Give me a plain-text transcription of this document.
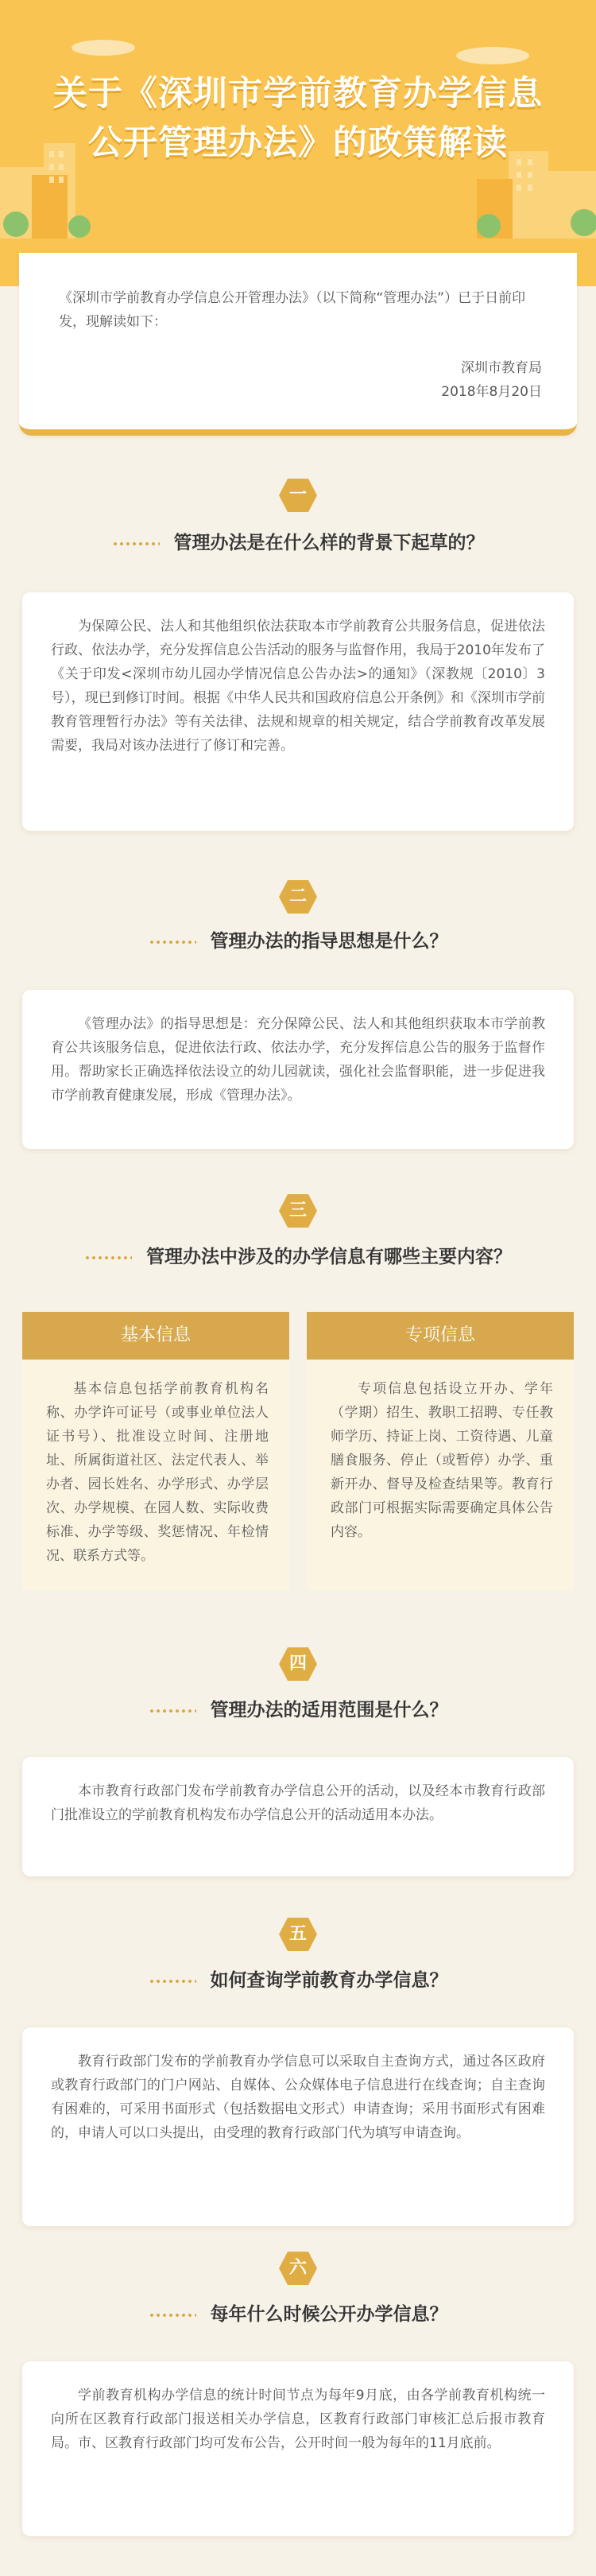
关于《深圳市学前教育办学信息
公开管理办法》的政策解读
《深圳市学前教育办学信息公开管理办法》（以下简称“管理办法”）已于日前印发，现解读如下：
深圳市教育局
2018年8月20日
一
管理办法是在什么样的背景下起草的？
为保障公民、法人和其他组织依法获取本市学前教育公共服务信息，促进依法行政、依法办学，充分发挥信息公告活动的服务与监督作用，我局于2010年发布了《关于印发<深圳市幼儿园办学情况信息公告办法>的通知》（深教规〔2010〕3号），现已到修订时间。根据《中华人民共和国政府信息公开条例》和《深圳市学前教育管理暂行办法》等有关法律、法规和规章的相关规定，结合学前教育改革发展需要，我局对该办法进行了修订和完善。
二
管理办法的指导思想是什么？
《管理办法》的指导思想是：充分保障公民、法人和其他组织获取本市学前教育公共该服务信息，促进依法行政、依法办学，充分发挥信息公告的服务于监督作用。帮助家长正确选择依法设立的幼儿园就读，强化社会监督职能，进一步促进我市学前教育健康发展，形成《管理办法》。
三
管理办法中涉及的办学信息有哪些主要内容？
基本信息
基本信息包括学前教育机构名称、办学许可证号（或事业单位法人证书号）、批准设立时间、注册地址、所属街道社区、法定代表人、举办者、园长姓名、办学形式、办学层次、办学规模、在园人数、实际收费标准、办学等级、奖惩情况、年检情况、联系方式等。
专项信息
专项信息包括设立开办、学年（学期）招生、教职工招聘、专任教师学历、持证上岗、工资待遇、儿童膳食服务、停止（或暂停）办学、重新开办、督导及检查结果等。教育行政部门可根据实际需要确定具体公告内容。
四
管理办法的适用范围是什么？
本市教育行政部门发布学前教育办学信息公开的活动，以及经本市教育行政部门批准设立的学前教育机构发布办学信息公开的活动适用本办法。
五
如何查询学前教育办学信息？
教育行政部门发布的学前教育办学信息可以采取自主查询方式，通过各区政府或教育行政部门的门户网站、自媒体、公众媒体电子信息进行在线查询；自主查询有困难的，可采用书面形式（包括数据电文形式）申请查询；采用书面形式有困难的，申请人可以口头提出，由受理的教育行政部门代为填写申请查询。
六
每年什么时候公开办学信息？
学前教育机构办学信息的统计时间节点为每年9月底，由各学前教育机构统一向所在区教育行政部门报送相关办学信息，区教育行政部门审核汇总后报市教育局。市、区教育行政部门均可发布公告，公开时间一般为每年的11月底前。
